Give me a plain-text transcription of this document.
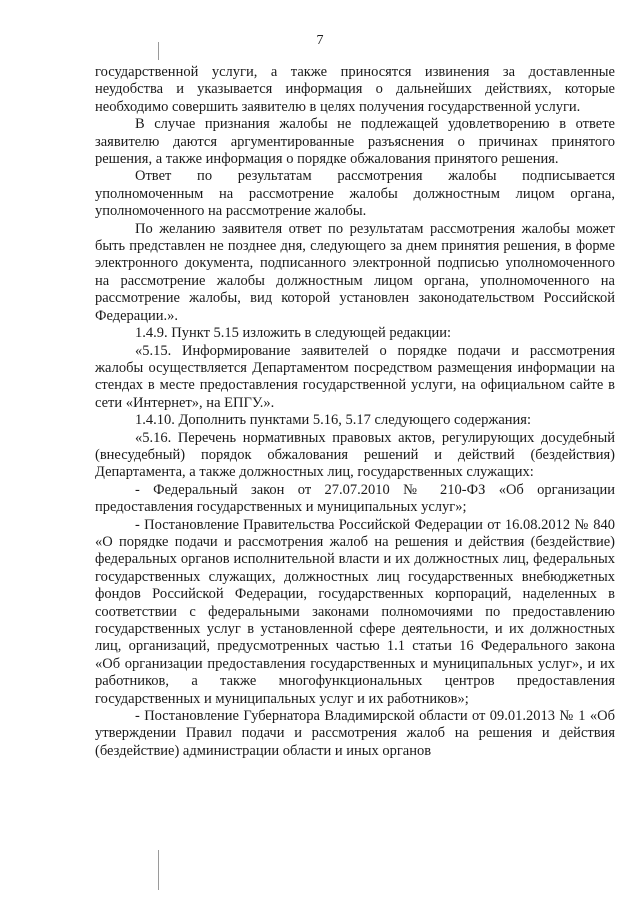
7

государственной услуги, а также приносятся извинения за доставленные неудобства и указывается информация о дальнейших действиях, которые необходимо совершить заявителю в целях получения государственной услуги.

В случае признания жалобы не подлежащей удовлетворению в ответе заявителю даются аргументированные разъяснения о причинах принятого решения, а также информация о порядке обжалования принятого решения.

Ответ по результатам рассмотрения жалобы подписывается уполномоченным на рассмотрение жалобы должностным лицом органа, уполномоченного на рассмотрение жалобы.

По желанию заявителя ответ по результатам рассмотрения жалобы может быть представлен не позднее дня, следующего за днем принятия решения, в форме электронного документа, подписанного электронной подписью уполномоченного на рассмотрение жалобы должностным лицом органа, уполномоченного на рассмотрение жалобы, вид которой установлен законодательством Российской Федерации.».

1.4.9. Пункт 5.15 изложить в следующей редакции:

«5.15. Информирование заявителей о порядке подачи и рассмотрения жалобы осуществляется Департаментом посредством размещения информации на стендах в месте предоставления государственной услуги, на официальном сайте в сети «Интернет», на ЕПГУ.».

1.4.10. Дополнить пунктами 5.16, 5.17 следующего содержания:

«5.16. Перечень нормативных правовых актов, регулирующих досудебный (внесудебный) порядок обжалования решений и действий (бездействия) Департамента, а также должностных лиц, государственных служащих:

- Федеральный закон от 27.07.2010 № 210-ФЗ «Об организации предоставления государственных и муниципальных услуг»;

- Постановление Правительства Российской Федерации от 16.08.2012 № 840 «О порядке подачи и рассмотрения жалоб на решения и действия (бездействие) федеральных органов исполнительной власти и их должностных лиц, федеральных государственных служащих, должностных лиц государственных внебюджетных фондов Российской Федерации, государственных корпораций, наделенных в соответствии с федеральными законами полномочиями по предоставлению государственных услуг в установленной сфере деятельности, и их должностных лиц, организаций, предусмотренных частью 1.1 статьи 16 Федерального закона «Об организации предоставления государственных и муниципальных услуг», и их работников, а также многофункциональных центров предоставления государственных и муниципальных услуг и их работников»;

- Постановление Губернатора Владимирской области от 09.01.2013 № 1 «Об утверждении Правил подачи и рассмотрения жалоб на решения и действия (бездействие) администрации области и иных органов
